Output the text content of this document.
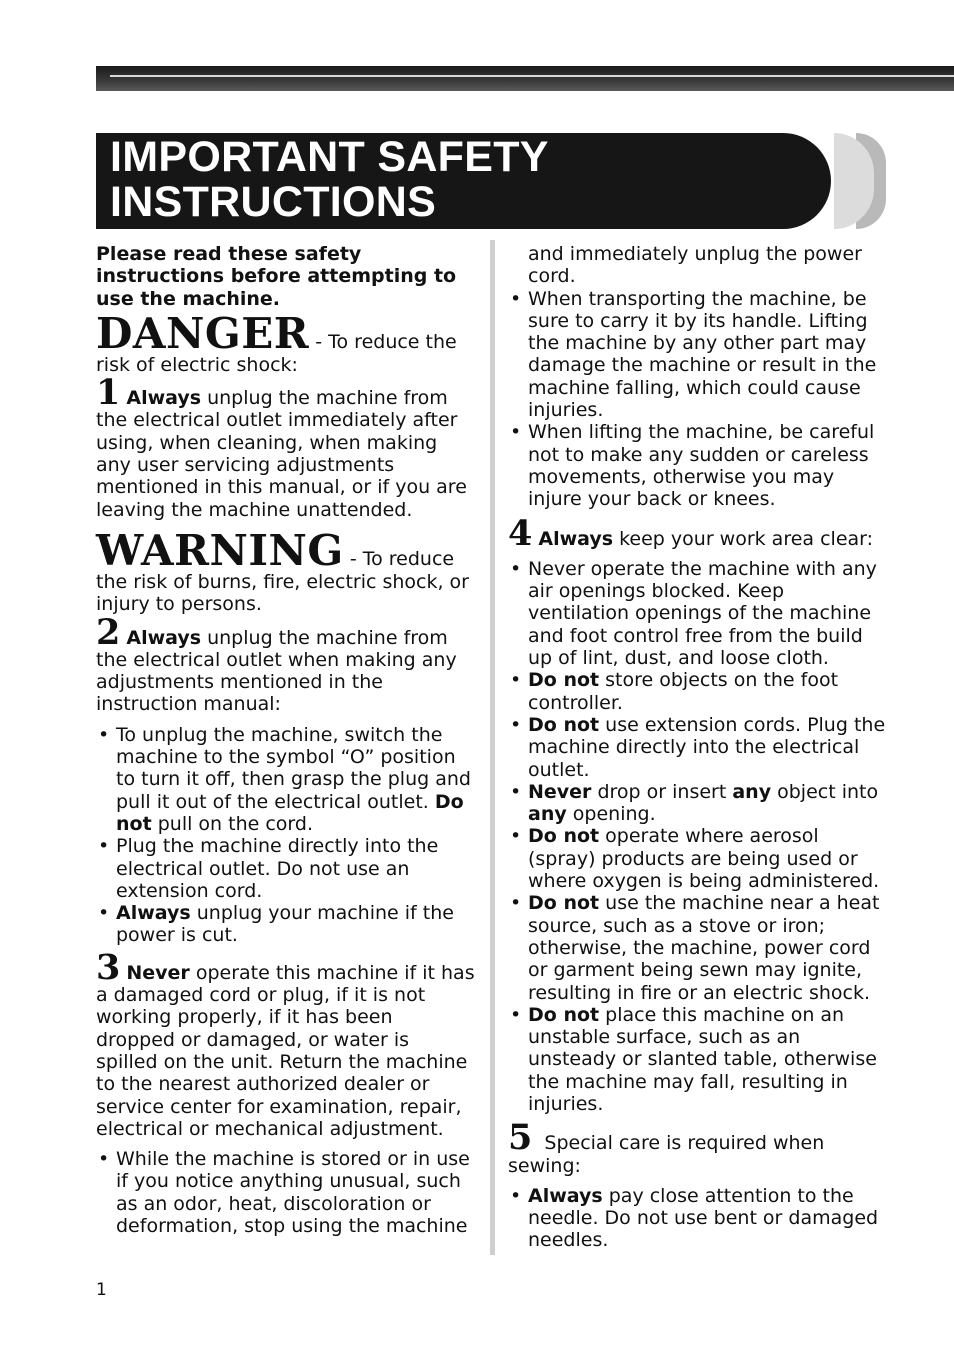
IMPORTANT SAFETY INSTRUCTIONS

Please read these safety instructions before attempting to use the machine.

DANGER - To reduce the risk of electric shock:

1 Always unplug the machine from the electrical outlet immediately after using, when cleaning, when making any user servicing adjustments mentioned in this manual, or if you are leaving the machine unattended.

WARNING - To reduce the risk of burns, fire, electric shock, or injury to persons.

2 Always unplug the machine from the electrical outlet when making any adjustments mentioned in the instruction manual:

• To unplug the machine, switch the machine to the symbol “O” position to turn it off, then grasp the plug and pull it out of the electrical outlet. Do not pull on the cord.
• Plug the machine directly into the electrical outlet. Do not use an extension cord.
• Always unplug your machine if the power is cut.

3 Never operate this machine if it has a damaged cord or plug, if it is not working properly, if it has been dropped or damaged, or water is spilled on the unit. Return the machine to the nearest authorized dealer or service center for examination, repair, electrical or mechanical adjustment.

• While the machine is stored or in use if you notice anything unusual, such as an odor, heat, discoloration or deformation, stop using the machine

and immediately unplug the power cord.

• When transporting the machine, be sure to carry it by its handle. Lifting the machine by any other part may damage the machine or result in the machine falling, which could cause injuries.
• When lifting the machine, be careful not to make any sudden or careless movements, otherwise you may injure your back or knees.

4 Always keep your work area clear:

• Never operate the machine with any air openings blocked. Keep ventilation openings of the machine and foot control free from the build up of lint, dust, and loose cloth.
• Do not store objects on the foot controller.
• Do not use extension cords. Plug the machine directly into the electrical outlet.
• Never drop or insert any object into any opening.
• Do not operate where aerosol (spray) products are being used or where oxygen is being administered.
• Do not use the machine near a heat source, such as a stove or iron; otherwise, the machine, power cord or garment being sewn may ignite, resulting in fire or an electric shock.
• Do not place this machine on an unstable surface, such as an unsteady or slanted table, otherwise the machine may fall, resulting in injuries.

5 Special care is required when sewing:

• Always pay close attention to the needle. Do not use bent or damaged needles.
1
